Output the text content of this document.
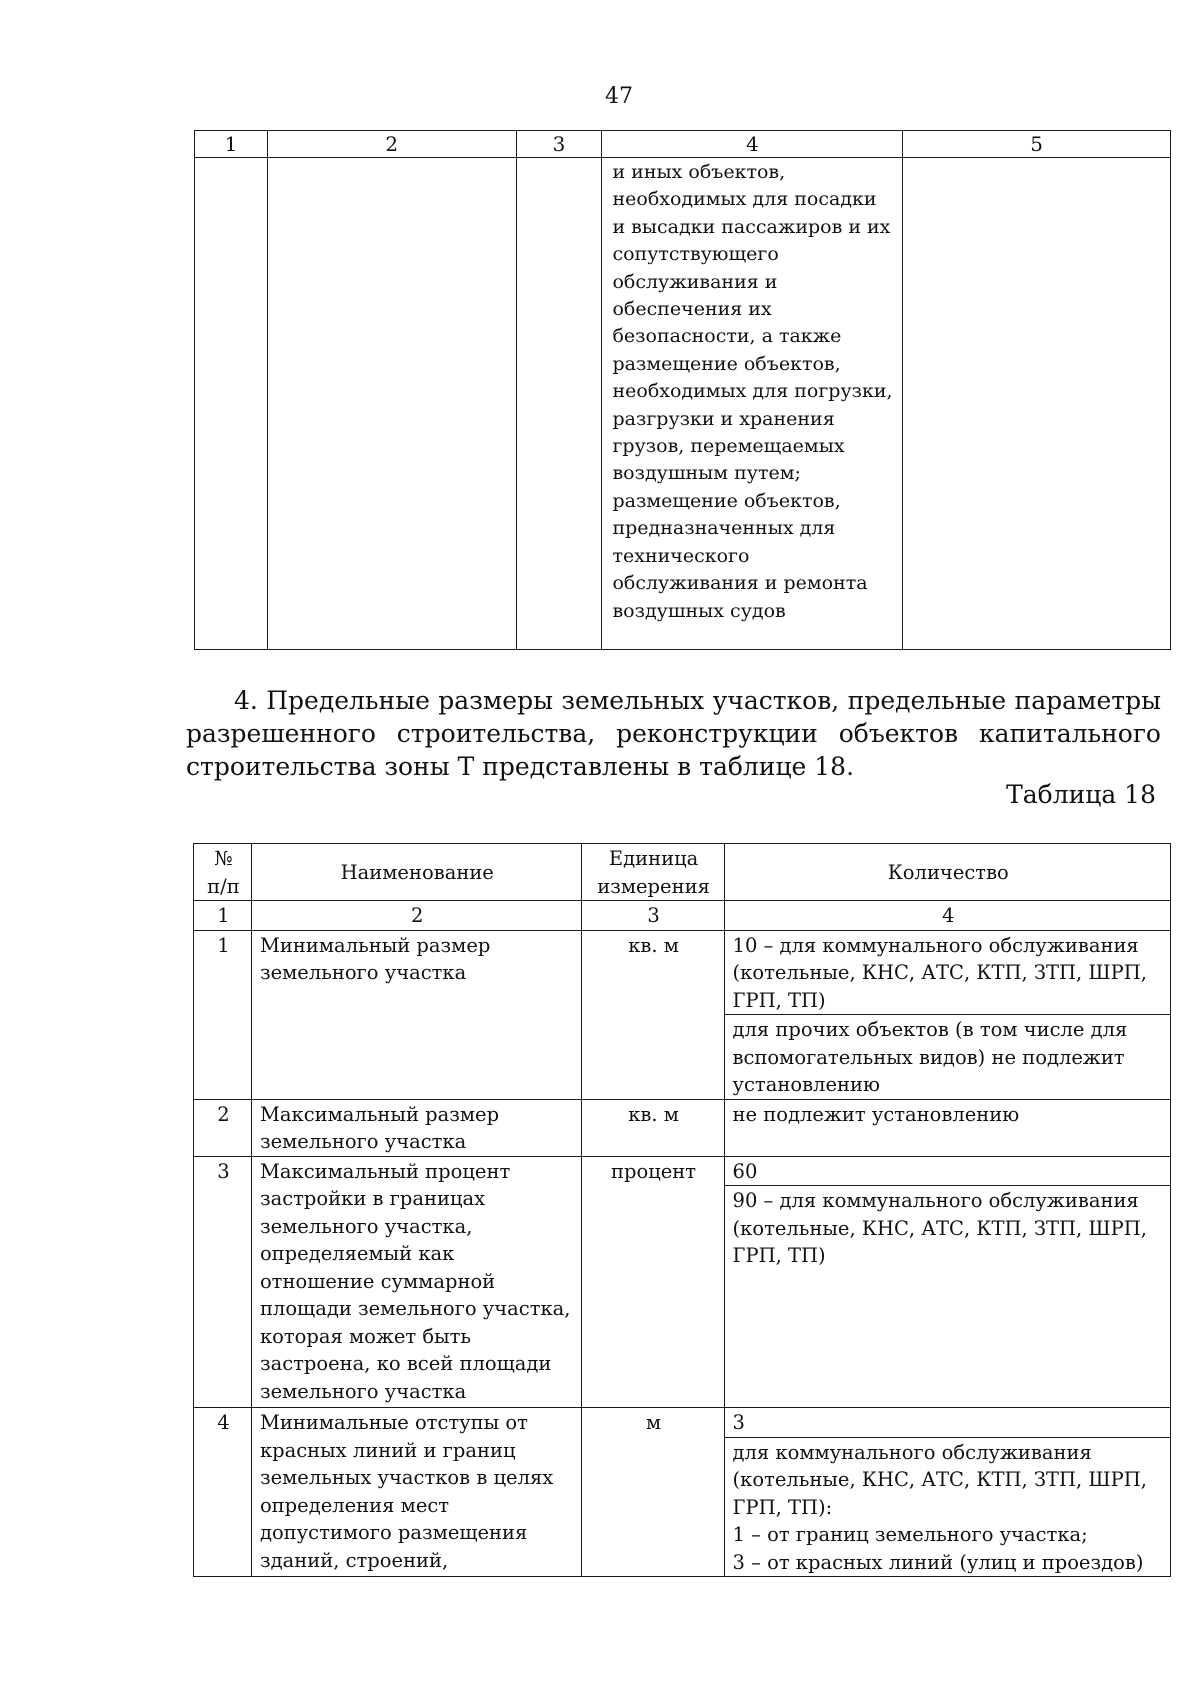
47
1	2	3	4	5
			и иных объектов, необходимых для посадки и высадки пассажиров и их сопутствующего обслуживания и обеспечения их безопасности, а также размещение объектов, необходимых для погрузки, разгрузки и хранения грузов, перемещаемых воздушным путем; размещение объектов, предназначенных для технического обслуживания и ремонта воздушных судов	
4. Предельные размеры земельных участков, предельные параметры
разрешенного строительства, реконструкции объектов капитального
строительства зоны Т представлены в таблице 18.
Таблица 18
№ п/п	Наименование	Единица измерения	Количество
1	2	3	4
1	Минимальный размер земельного участка	кв. м	10 – для коммунального обслуживания (котельные, КНС, АТС, КТП, ЗТП, ШРП, ГРП, ТП)
			для прочих объектов (в том числе для вспомогательных видов) не подлежит установлению
2	Максимальный размер земельного участка	кв. м	не подлежит установлению
3	Максимальный процент застройки в границах земельного участка, определяемый как отношение суммарной площади земельного участка, которая может быть застроена, ко всей площади земельного участка	процент	60
			90 – для коммунального обслуживания (котельные, КНС, АТС, КТП, ЗТП, ШРП, ГРП, ТП)
4	Минимальные отступы от красных линий и границ земельных участков в целях определения мест допустимого размещения зданий, строений,	м	3

			для коммунального обслуживания (котельные, КНС, АТС, КТП, ЗТП, ШРП, ГРП, ТП):
1 – от границ земельного участка;
3 – от красных линий (улиц и проездов)
